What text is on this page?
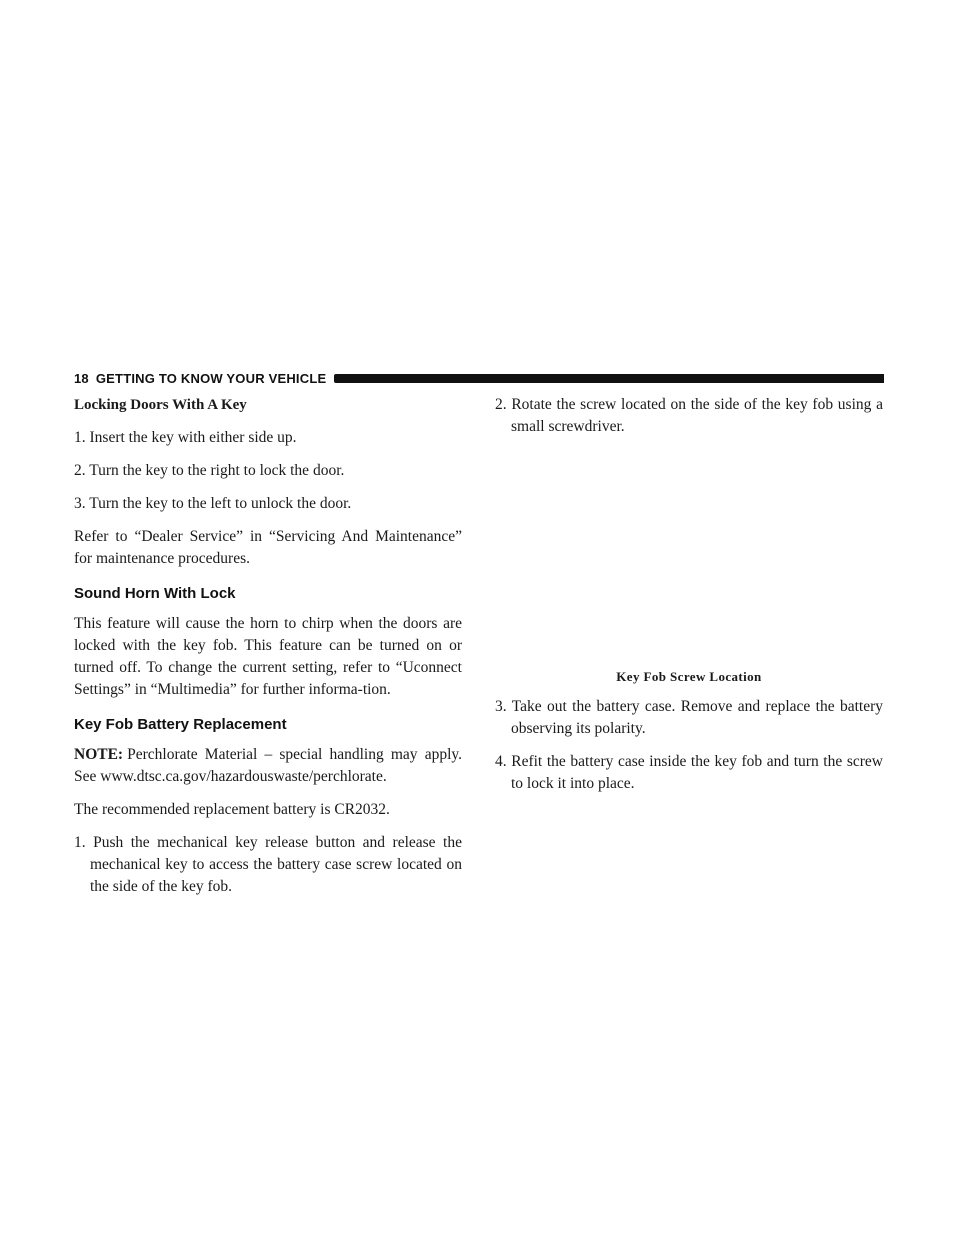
18 GETTING TO KNOW YOUR VEHICLE

Locking Doors With A Key

1. Insert the key with either side up.

2. Turn the key to the right to lock the door.

3. Turn the key to the left to unlock the door.

Refer to “Dealer Service” in “Servicing And Maintenance” for maintenance procedures.

Sound Horn With Lock

This feature will cause the horn to chirp when the doors are locked with the key fob. This feature can be turned on or turned off. To change the current setting, refer to “Uconnect Settings” in “Multimedia” for further informa-tion.

Key Fob Battery Replacement

NOTE: Perchlorate Material – special handling may apply. See www.dtsc.ca.gov/hazardouswaste/perchlorate.

The recommended replacement battery is CR2032.

1. Push the mechanical key release button and release the mechanical key to access the battery case screw located on the side of the key fob.

2. Rotate the screw located on the side of the key fob using a small screwdriver.

Key Fob Screw Location

3. Take out the battery case. Remove and replace the battery observing its polarity.

4. Refit the battery case inside the key fob and turn the screw to lock it into place.
